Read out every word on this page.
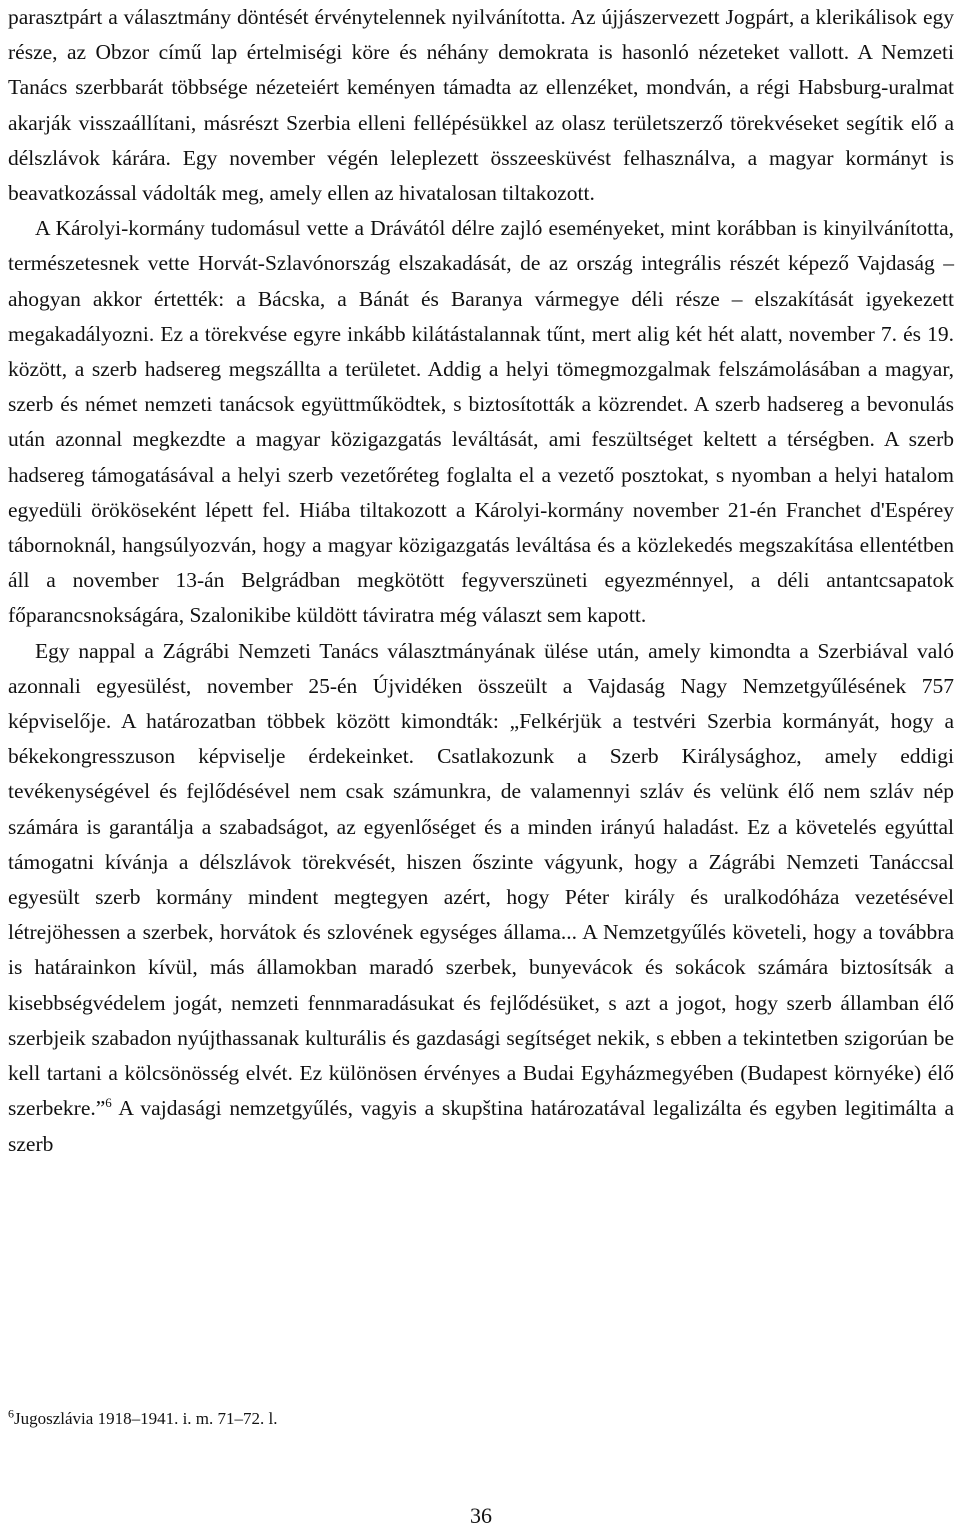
parasztpárt a választmány döntését érvénytelennek nyilvánította. Az újjászervezett Jogpárt, a klerikálisok egy része, az Obzor című lap értelmiségi köre és néhány demokrata is hasonló nézeteket vallott. A Nemzeti Tanács szerbbarát többsége nézeteiért keményen támadta az ellenzéket, mondván, a régi Habsburg-uralmat akarják visszaállítani, másrészt Szerbia elleni fellépésükkel az olasz területszerző törekvéseket segítik elő a délszlávok kárára. Egy november végén leleplezett összeesküvést felhasználva, a magyar kormányt is beavatkozással vádolták meg, amely ellen az hivatalosan tiltakozott.

A Károlyi-kormány tudomásul vette a Drávától délre zajló eseményeket, mint korábban is kinyilvánította, természetesnek vette Horvát-Szlavónország elszakadását, de az ország integrális részét képező Vajdaság – ahogyan akkor értették: a Bácska, a Bánát és Baranya vármegye déli része – elszakítását igyekezett megakadályozni. Ez a törekvése egyre inkább kilátástalannak tűnt, mert alig két hét alatt, november 7. és 19. között, a szerb hadsereg megszállta a területet. Addig a helyi tömegmozgalmak felszámolásában a magyar, szerb és német nemzeti tanácsok együttműködtek, s biztosították a közrendet. A szerb hadsereg a bevonulás után azonnal megkezdte a magyar közigazgatás leváltását, ami feszültséget keltett a térségben. A szerb hadsereg támogatásával a helyi szerb vezetőréteg foglalta el a vezető posztokat, s nyomban a helyi hatalom egyedüli örököseként lépett fel. Hiába tiltakozott a Károlyi-kormány november 21-én Franchet d'Espérey tábornoknál, hangsúlyozván, hogy a magyar közigazgatás leváltása és a közlekedés megszakítása ellentétben áll a november 13-án Belgrádban megkötött fegyverszüneti egyezménnyel, a déli antantcsapatok főparancsnokságára, Szalonikibe küldött táviratra még választ sem kapott.

Egy nappal a Zágrábi Nemzeti Tanács választmányának ülése után, amely kimondta a Szerbiával való azonnali egyesülést, november 25-én Újvidéken összeült a Vajdaság Nagy Nemzetgyűlésének 757 képviselője. A határozatban többek között kimondták: „Felkérjük a testvéri Szerbia kormányát, hogy a békekongresszuson képviselje érdekeinket. Csatlakozunk a Szerb Királysághoz, amely eddigi tevékenységével és fejlődésével nem csak számunkra, de valamennyi szláv és velünk élő nem szláv nép számára is garantálja a szabadságot, az egyenlőséget és a minden irányú haladást. Ez a követelés egyúttal támogatni kívánja a délszlávok törekvését, hiszen őszinte vágyunk, hogy a Zágrábi Nemzeti Tanáccsal egyesült szerb kormány mindent megtegyen azért, hogy Péter király és uralkodóháza vezetésével létrejöhessen a szerbek, horvátok és szlovének egységes állama... A Nemzetgyűlés követeli, hogy a továbbra is határainkon kívül, más államokban maradó szerbek, bunyevácok és sokácok számára biztosítsák a kisebbségvédelem jogát, nemzeti fennmaradásukat és fejlődésüket, s azt a jogot, hogy szerb államban élő szerbjeik szabadon nyújthassanak kulturális és gazdasági segítséget nekik, s ebben a tekintetben szigorúan be kell tartani a kölcsönösség elvét. Ez különösen érvényes a Budai Egyházmegyében (Budapest környéke) élő szerbekre.”$^6$ A vajdasági nemzetgyűlés, vagyis a skupština határozatával legalizálta és egyben legitimálta a szerb

$^6$Jugoszlávia 1918–1941. i. m. 71–72. l.

36
